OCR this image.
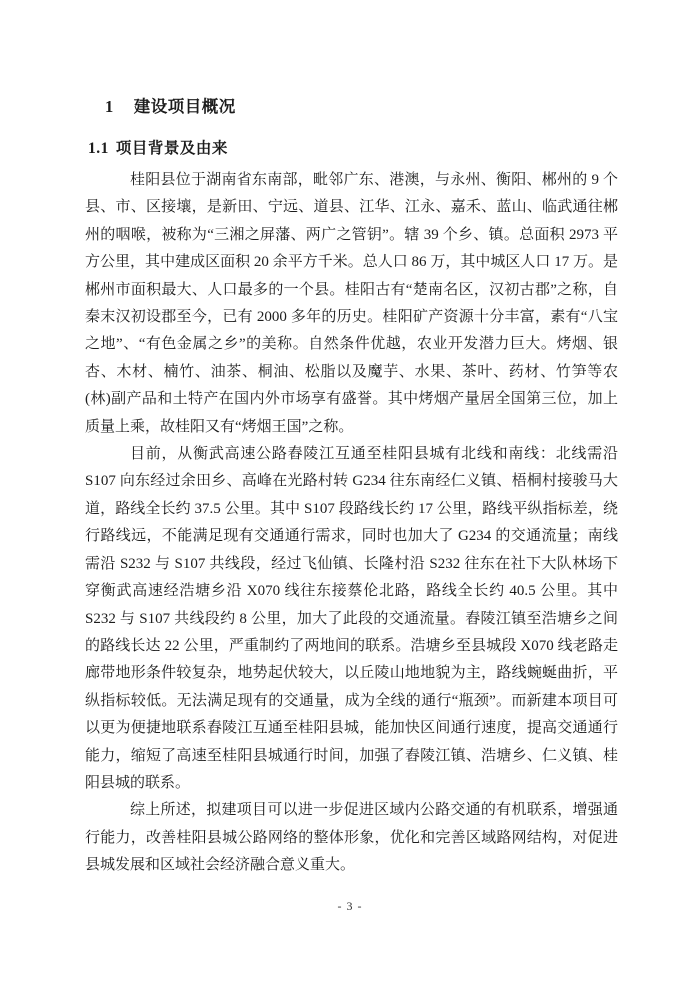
1 建设项目概况
1.1 项目背景及由来

桂阳县位于湖南省东南部，毗邻广东、港澳，与永州、衡阳、郴州的 9 个县、市、区接壤，是新田、宁远、道县、江华、江永、嘉禾、蓝山、临武通往郴州的咽喉，被称为“三湘之屏藩、两广之管钥”。辖 39 个乡、镇。总面积 2973 平方公里，其中建成区面积 20 余平方千米。总人口 86 万，其中城区人口 17 万。是郴州市面积最大、人口最多的一个县。桂阳古有“楚南名区，汉初古郡”之称，自秦末汉初设郡至今，已有 2000 多年的历史。桂阳矿产资源十分丰富，素有“八宝之地”、“有色金属之乡”的美称。自然条件优越，农业开发潜力巨大。烤烟、银杏、木材、楠竹、油茶、桐油、松脂以及魔芋、水果、茶叶、药材、竹笋等农(林)副产品和土特产在国内外市场享有盛誉。其中烤烟产量居全国第三位，加上质量上乘，故桂阳又有“烤烟王国”之称。

目前，从衡武高速公路舂陵江互通至桂阳县城有北线和南线：北线需沿 S107 向东经过余田乡、高峰在光路村转 G234 往东南经仁义镇、梧桐村接骏马大道，路线全长约 37.5 公里。其中 S107 段路线长约 17 公里，路线平纵指标差，绕行路线远，不能满足现有交通通行需求，同时也加大了 G234 的交通流量；南线需沿 S232 与 S107 共线段，经过飞仙镇、长隆村沿 S232 往东在社下大队林场下穿衡武高速经浩塘乡沿 X070 线往东接蔡伦北路，路线全长约 40.5 公里。其中 S232 与 S107 共线段约 8 公里，加大了此段的交通流量。舂陵江镇至浩塘乡之间的路线长达 22 公里，严重制约了两地间的联系。浩塘乡至县城段 X070 线老路走廊带地形条件较复杂，地势起伏较大，以丘陵山地地貌为主，路线蜿蜒曲折，平纵指标较低。无法满足现有的交通量，成为全线的通行“瓶颈”。而新建本项目可以更为便捷地联系舂陵江互通至桂阳县城，能加快区间通行速度，提高交通通行能力，缩短了高速至桂阳县城通行时间，加强了舂陵江镇、浩塘乡、仁义镇、桂阳县城的联系。

综上所述，拟建项目可以进一步促进区域内公路交通的有机联系，增强通行能力，改善桂阳县城公路网络的整体形象，优化和完善区域路网结构，对促进县城发展和区域社会经济融合意义重大。

- 3 -
